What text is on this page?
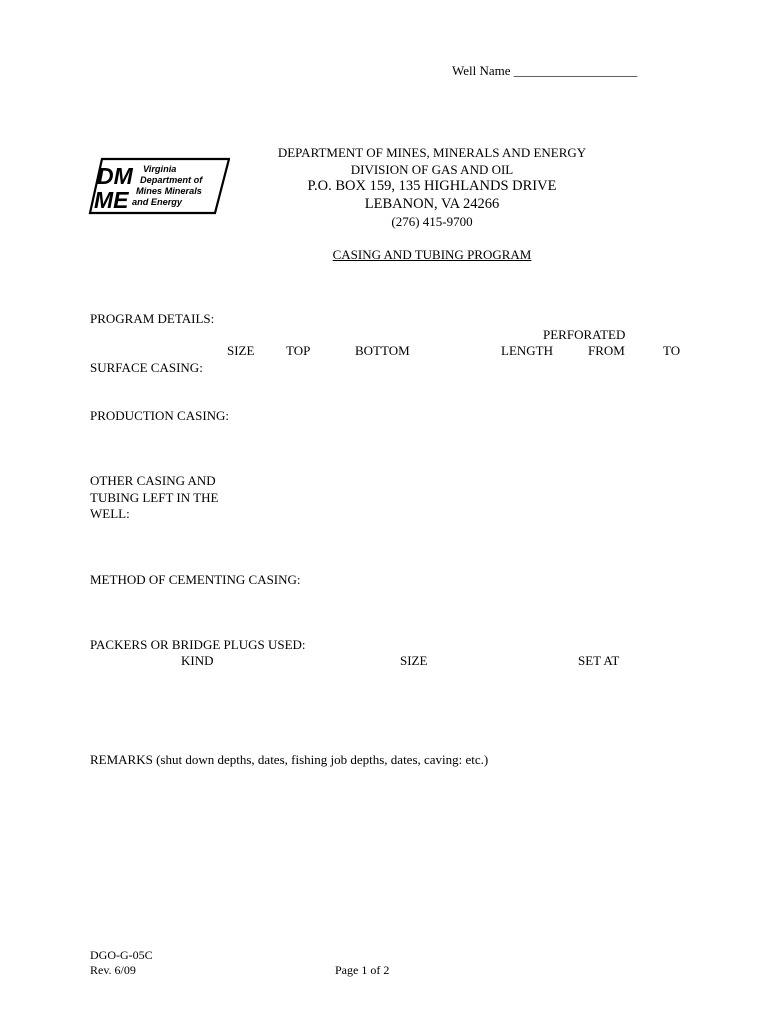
Well Name ___________________
DM
ME
Virginia
Department of
Mines Minerals
and Energy
DEPARTMENT OF MINES, MINERALS AND ENERGY
DIVISION OF GAS AND OIL
P.O. BOX 159, 135 HIGHLANDS DRIVE
LEBANON, VA 24266
(276) 415-9700
CASING AND TUBING PROGRAM
PROGRAM DETAILS:
PERFORATED
SIZE TOP	BOTTOM	LENGTH	FROM	TO
SURFACE CASING:
PRODUCTION CASING:
OTHER CASING AND
TUBING LEFT IN THE
WELL:
METHOD OF CEMENTING CASING:
PACKERS OR BRIDGE PLUGS USED:
KIND	SIZE	SET AT
REMARKS (shut down depths, dates, fishing job depths, dates, caving: etc.)
DGO-G-05C
Rev. 6/09	Page 1 of 2
